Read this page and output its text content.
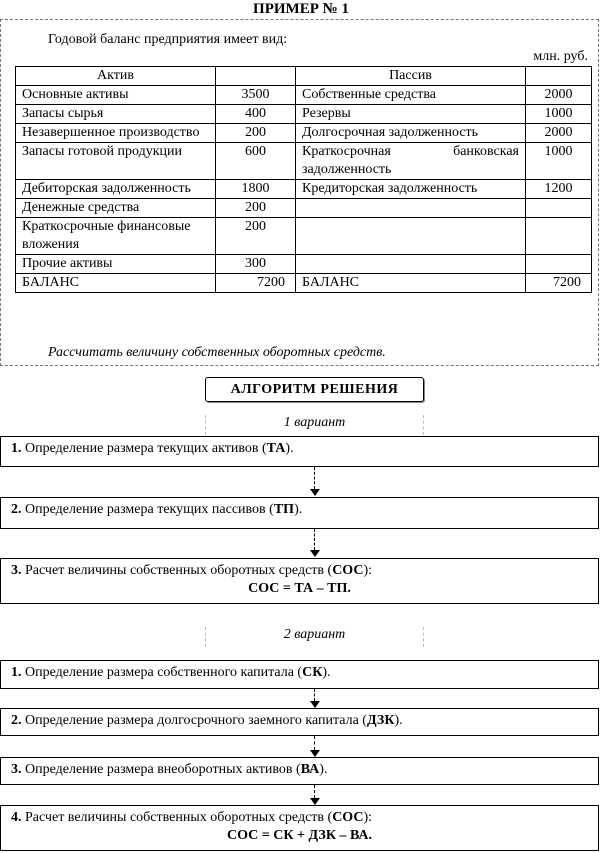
ПРИМЕР № 1
Годовой баланс предприятия имеет вид:
млн. руб.
Актив		Пассив	
Основные активы	3500	Собственные средства	2000
Запасы сырья	400	Резервы	1000
Незавершенное производство	200	Долгосрочная задолженность	2000
Запасы готовой продукции	600	Краткосрочная банковская задолженность	1000
Дебиторская задолженность	1800	Кредиторская задолженность	1200
Денежные средства	200		
Краткосрочные финансовые вложения	200		
Прочие активы	300		
БАЛАНС	7200	БАЛАНС	7200
Рассчитать величину собственных оборотных средств.
АЛГОРИТМ РЕШЕНИЯ
1 вариант
1. Определение размера текущих активов (ТА).
2. Определение размера текущих пассивов (ТП).
3. Расчет величины собственных оборотных средств (СОС):
СОС = ТА – ТП.
2 вариант
1. Определение размера собственного капитала (СК).
2. Определение размера долгосрочного заемного капитала (ДЗК).
3. Определение размера внеоборотных активов (ВА).
4. Расчет величины собственных оборотных средств (СОС):
СОС = СК + ДЗК – ВА.
